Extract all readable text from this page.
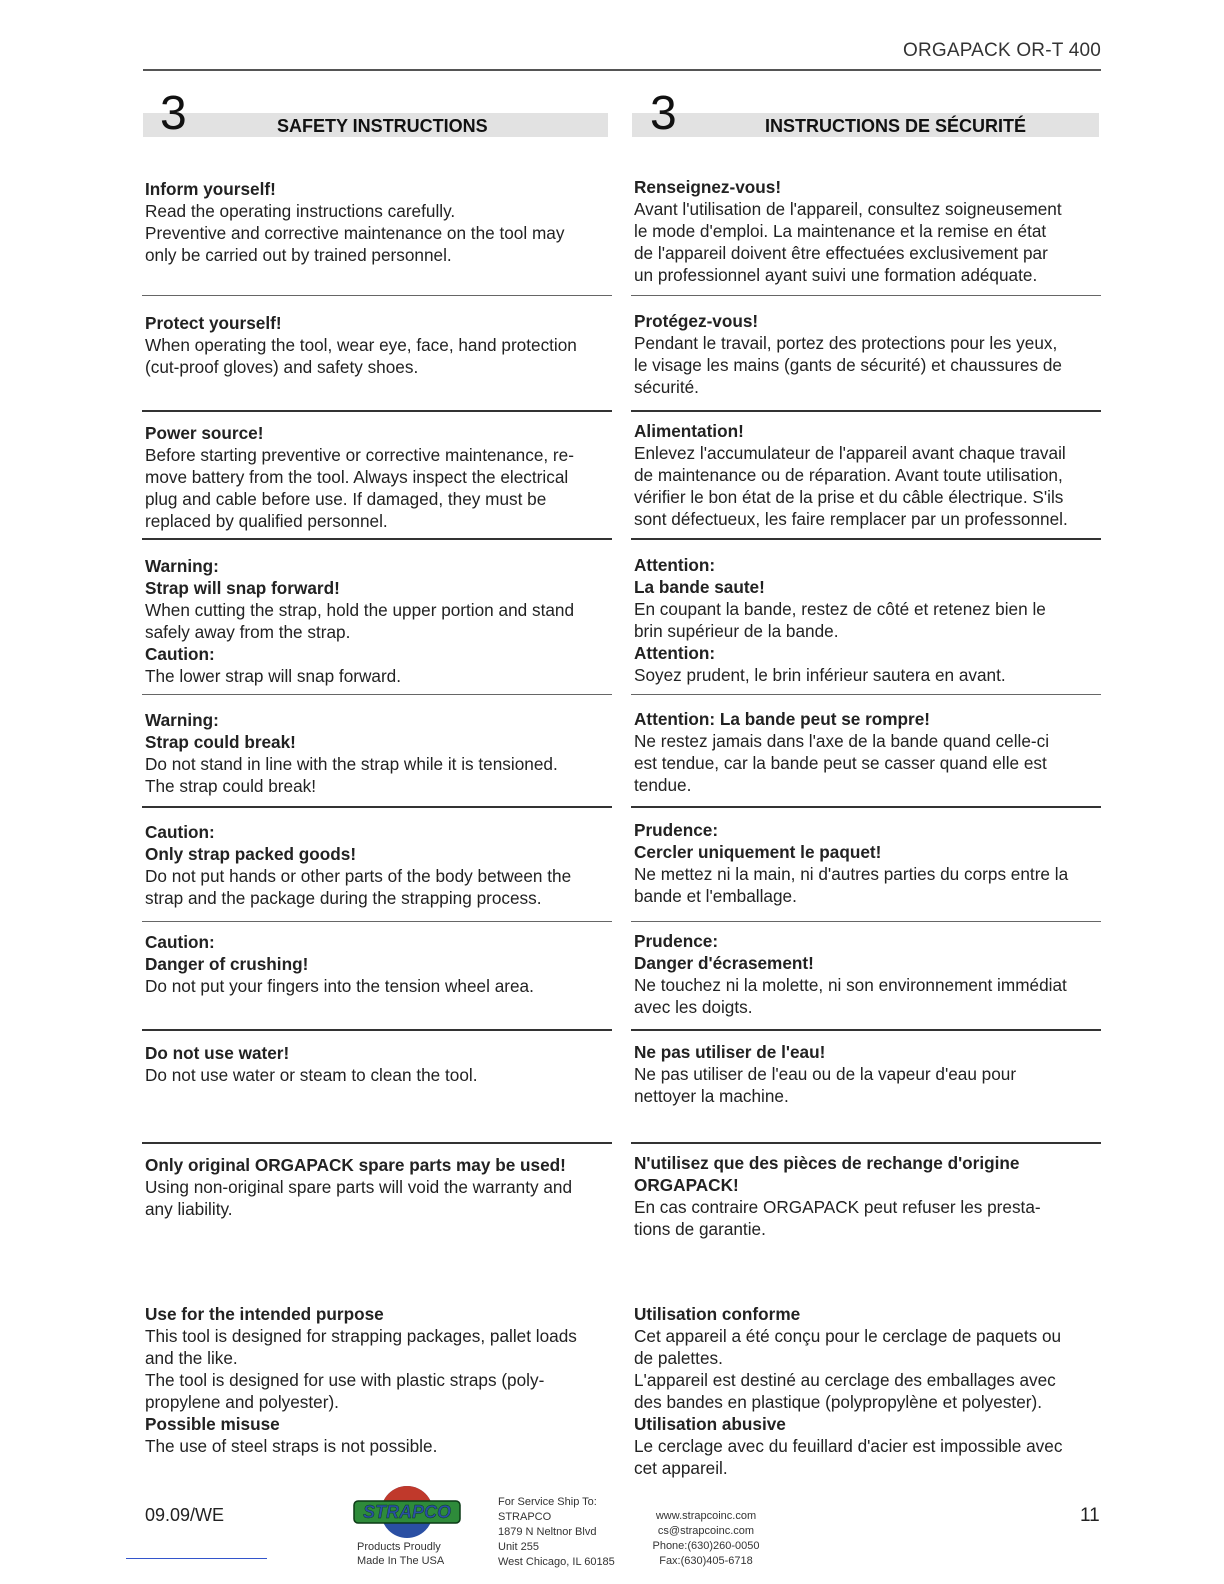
ORGAPACK OR-T 400
3	SAFETY INSTRUCTIONS	3	INSTRUCTIONS DE SÉCURITÉ

Inform yourself!

Read the operating instructions carefully.

Preventive and corrective maintenance on the tool may

only be carried out by trained personnel.

Protect yourself!

When operating the tool, wear eye, face, hand protection

(cut-proof gloves) and safety shoes.

Power source!

Before starting preventive or corrective maintenance, re-

move battery from the tool. Always inspect the electrical

plug and cable before use. If damaged, they must be

replaced by qualified personnel.

Warning:

Strap will snap forward!

When cutting the strap, hold the upper portion and stand

safely away from the strap.

Caution:

The lower strap will snap forward.

Warning:

Strap could break!

Do not stand in line with the strap while it is tensioned.

The strap could break!

Caution:

Only strap packed goods!

Do not put hands or other parts of the body between the

strap and the package during the strapping process.

Caution:

Danger of crushing!

Do not put your fingers into the tension wheel area.

Do not use water!

Do not use water or steam to clean the tool.

Only original ORGAPACK spare parts may be used!

Using non-original spare parts will void the warranty and

any liability.

Use for the intended purpose

This tool is designed for strapping packages, pallet loads

and the like.

The tool is designed for use with plastic straps (poly-

propylene and polyester).

Possible misuse

The use of steel straps is not possible.

Renseignez-vous!

Avant l'utilisation de l'appareil, consultez soigneusement

le mode d'emploi. La maintenance et la remise en état

de l'appareil doivent être effectuées exclusivement par

un professionnel ayant suivi une formation adéquate.

Protégez-vous!

Pendant le travail, portez des protections pour les yeux,

le visage les mains (gants de sécurité) et chaussures de

sécurité.

Alimentation!

Enlevez l'accumulateur de l'appareil avant chaque travail

de maintenance ou de réparation. Avant toute utilisation,

vérifier le bon état de la prise et du câble électrique. S'ils

sont défectueux, les faire remplacer par un professonnel.

Attention:

La bande saute!

En coupant la bande, restez de côté et retenez bien le

brin supérieur de la bande.

Attention:

Soyez prudent, le brin inférieur sautera en avant.

Attention: La bande peut se rompre!

Ne restez jamais dans l'axe de la bande quand celle-ci

est tendue, car la bande peut se casser quand elle est

tendue.

Prudence:

Cercler uniquement le paquet!

Ne mettez ni la main, ni d'autres parties du corps entre la

bande et l'emballage.

Prudence:

Danger d'écrasement!

Ne touchez ni la molette, ni son environnement immédiat

avec les doigts.

Ne pas utiliser de l'eau!

Ne pas utiliser de l'eau ou de la vapeur d'eau pour

nettoyer la machine.

N'utilisez que des pièces de rechange d'origine

ORGAPACK!

En cas contraire ORGAPACK peut refuser les presta-

tions de garantie.

Utilisation conforme

Cet appareil a été conçu pour le cerclage de paquets ou

de palettes.

L'appareil est destiné au cerclage des emballages avec

des bandes en plastique (polypropylène et polyester).

Utilisation abusive

Le cerclage avec du feuillard d'acier est impossible avec

cet appareil.

09.09/WE	STRAPCO
Products Proudly
Made In The USA
For Service Ship To:
STRAPCO
1879 N Neltnor Blvd
Unit 255
West Chicago, IL 60185
www.strapcoinc.com
cs@strapcoinc.com
Phone:(630)260-0050
Fax:(630)405-6718
11
